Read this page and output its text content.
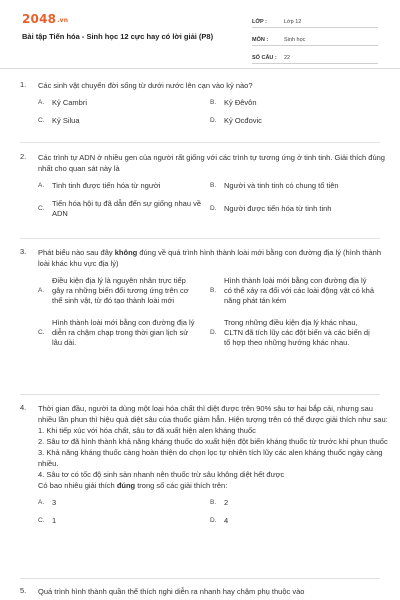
2048.vn
Bài tập Tiến hóa - Sinh học 12 cực hay có lời giải (P8)
LỚP :	Lớp 12
MÔN :	Sinh học
SỐ CÂU :	22
1.	Các sinh vật chuyển đời sống từ dưới nước lên cạn vào kỷ nào?
A.	Kỷ Cambri	B.	Kỷ Đêvôn
C.	Kỷ Silua	D.	Kỷ Ocđovic
2.	Các trình tự ADN ở nhiều gen của người rất giống với các trình tự tương ứng ở tinh tinh. Giải thích đúng nhất cho quan sát này là
A.	Tinh tinh được tiến hóa từ người	B.	Người và tinh tinh có chung tổ tiên
C.
Tiến hóa hội tụ đã dẫn đến sự giống nhau về ADN
D.	Người được tiến hóa từ tinh tinh
3.	Phát biểu nào sau đây không đúng về quá trình hình thành loài mới bằng con đường địa lý (hình thành loài khác khu vực địa lý)
A.
Điều kiện địa lý là nguyên nhân trực tiếp gây ra những biến đổi tương ứng trên cơ thể sinh vật, từ đó tạo thành loài mới
B.
Hình thành loài mới bằng con đường địa lý có thể xảy ra đối với các loài động vật có khả năng phát tán kém
C.
Hình thành loài mới bằng con đường địa lý diễn ra chậm chạp trong thời gian lịch sử lâu dài.
D.
Trong những điều kiện địa lý khác nhau, CLTN đã tích lũy các đột biến và các biến dị tổ hợp theo những hướng khác nhau.
4.	Thời gian đầu, người ta dùng một loại hóa chất thì diệt được trên 90% sâu tơ hại bắp cải, nhưng sau nhiều lần phun thì hiệu quả diệt sâu của thuốc giảm hẳn. Hiện tượng trên có thể được giải thích như sau:
1. Khi tiếp xúc với hóa chất, sâu tơ đã xuất hiện alen kháng thuốc
2. Sâu tơ đã hình thành khả năng kháng thuốc do xuất hiện đột biến kháng thuốc từ trước khi phun thuốc
3. Khả năng kháng thuốc càng hoàn thiện do chọn lọc tự nhiên tích lũy các alen kháng thuốc ngày càng nhiều.
4. Sâu tơ có tốc độ sinh sản nhanh nên thuốc trừ sâu không diệt hết được
Có bao nhiêu giải thích đúng trong số các giải thích trên:
A.	3	B.	2
C.	1	D.	4
5.	Quá trình hình thành quần thể thích nghi diễn ra nhanh hay chậm phụ thuộc vào
